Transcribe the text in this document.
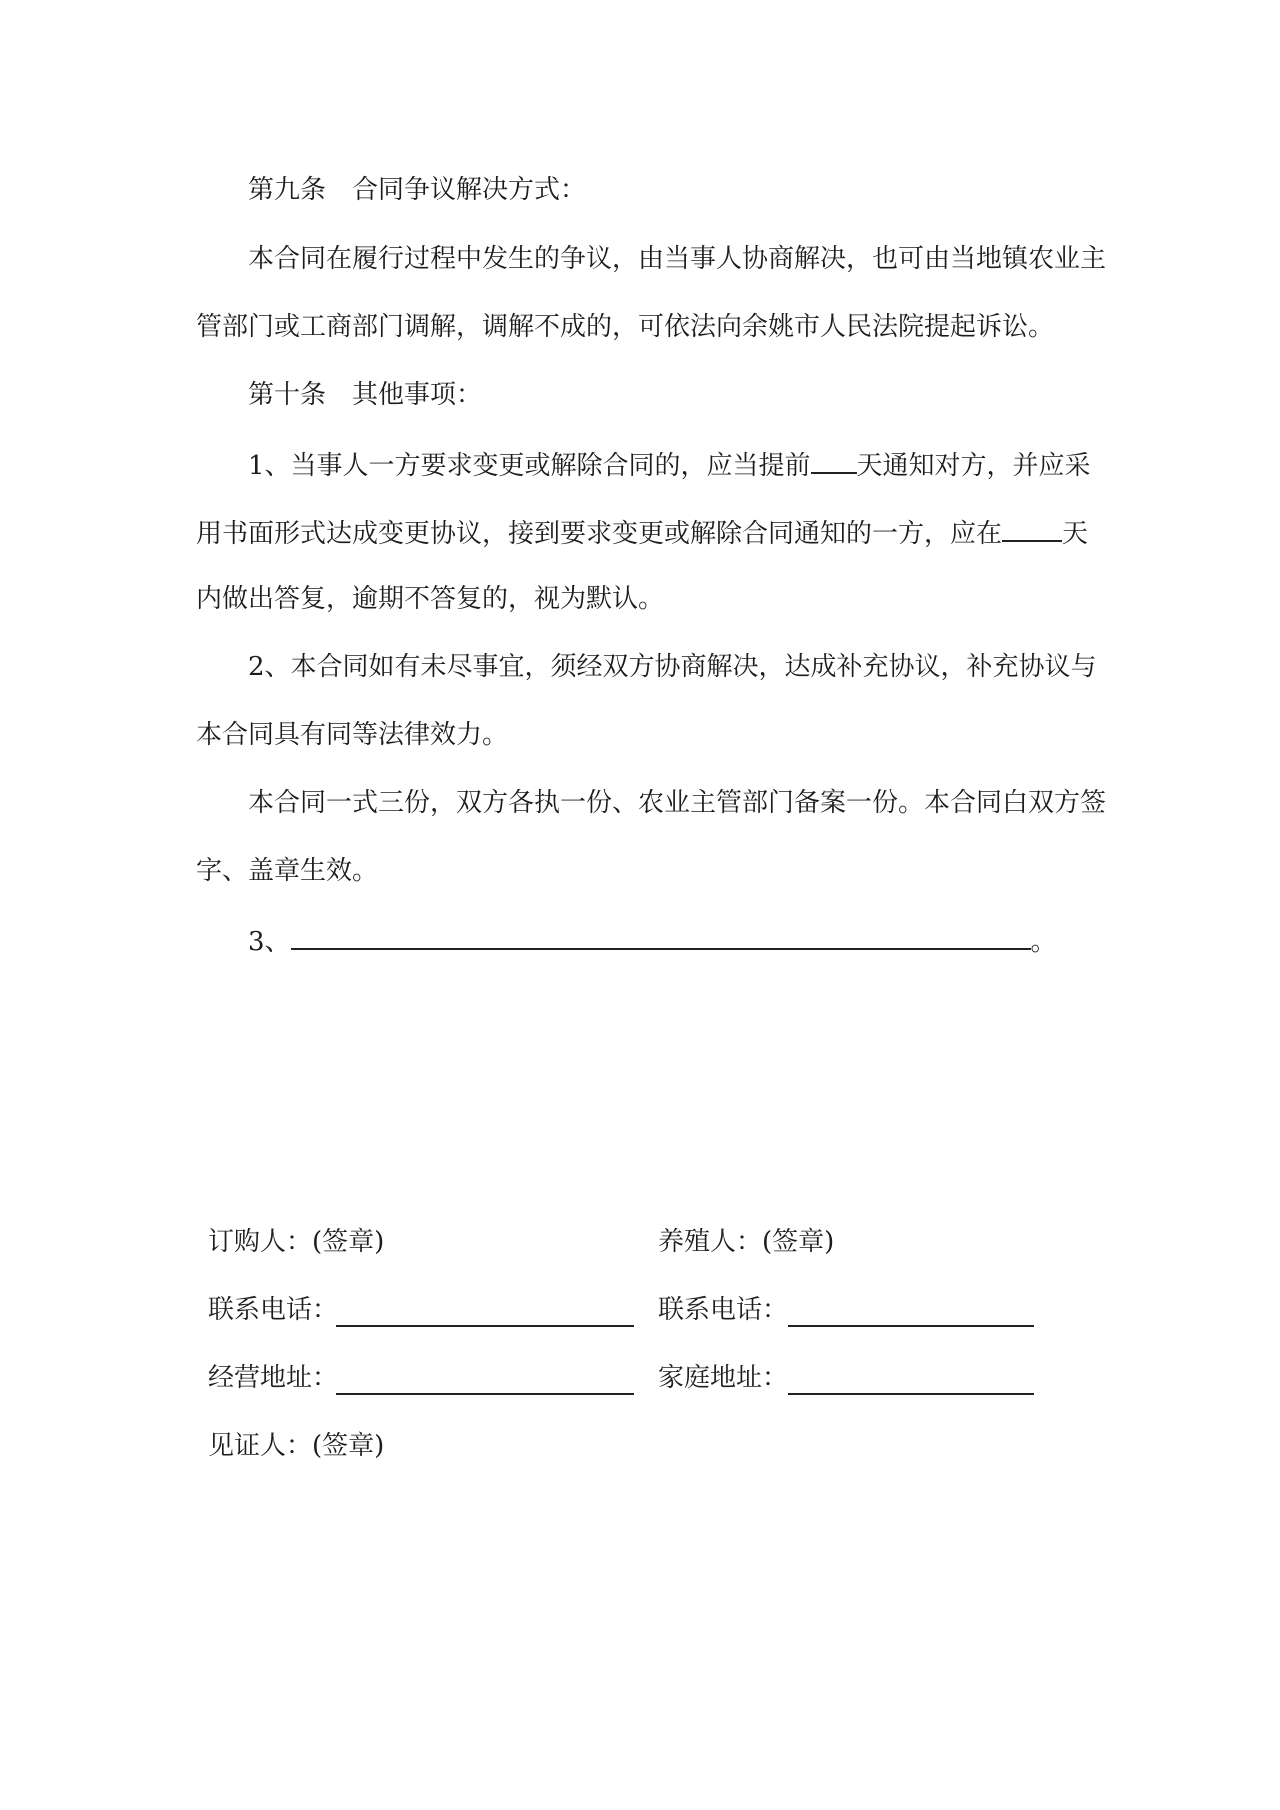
第九条　合同争议解决方式：

本合同在履行过程中发生的争议，由当事人协商解决，也可由当地镇农业主

管部门或工商部门调解，调解不成的，可依法向余姚市人民法院提起诉讼。

第十条　其他事项：

1、当事人一方要求变更或解除合同的，应当提前 天通知对方，并应采

用书面形式达成变更协议，接到要求变更或解除合同通知的一方，应在 天

内做出答复，逾期不答复的，视为默认。

2、本合同如有未尽事宜，须经双方协商解决，达成补充协议，补充协议与

本合同具有同等法律效力。

本合同一式三份，双方各执一份、农业主管部门备案一份。本合同白双方签

字、盖章生效。

3、	。

订购人：(签章)	养殖人：(签章)

联系电话：	联系电话：

经营地址：	家庭地址：

见证人：(签章)
